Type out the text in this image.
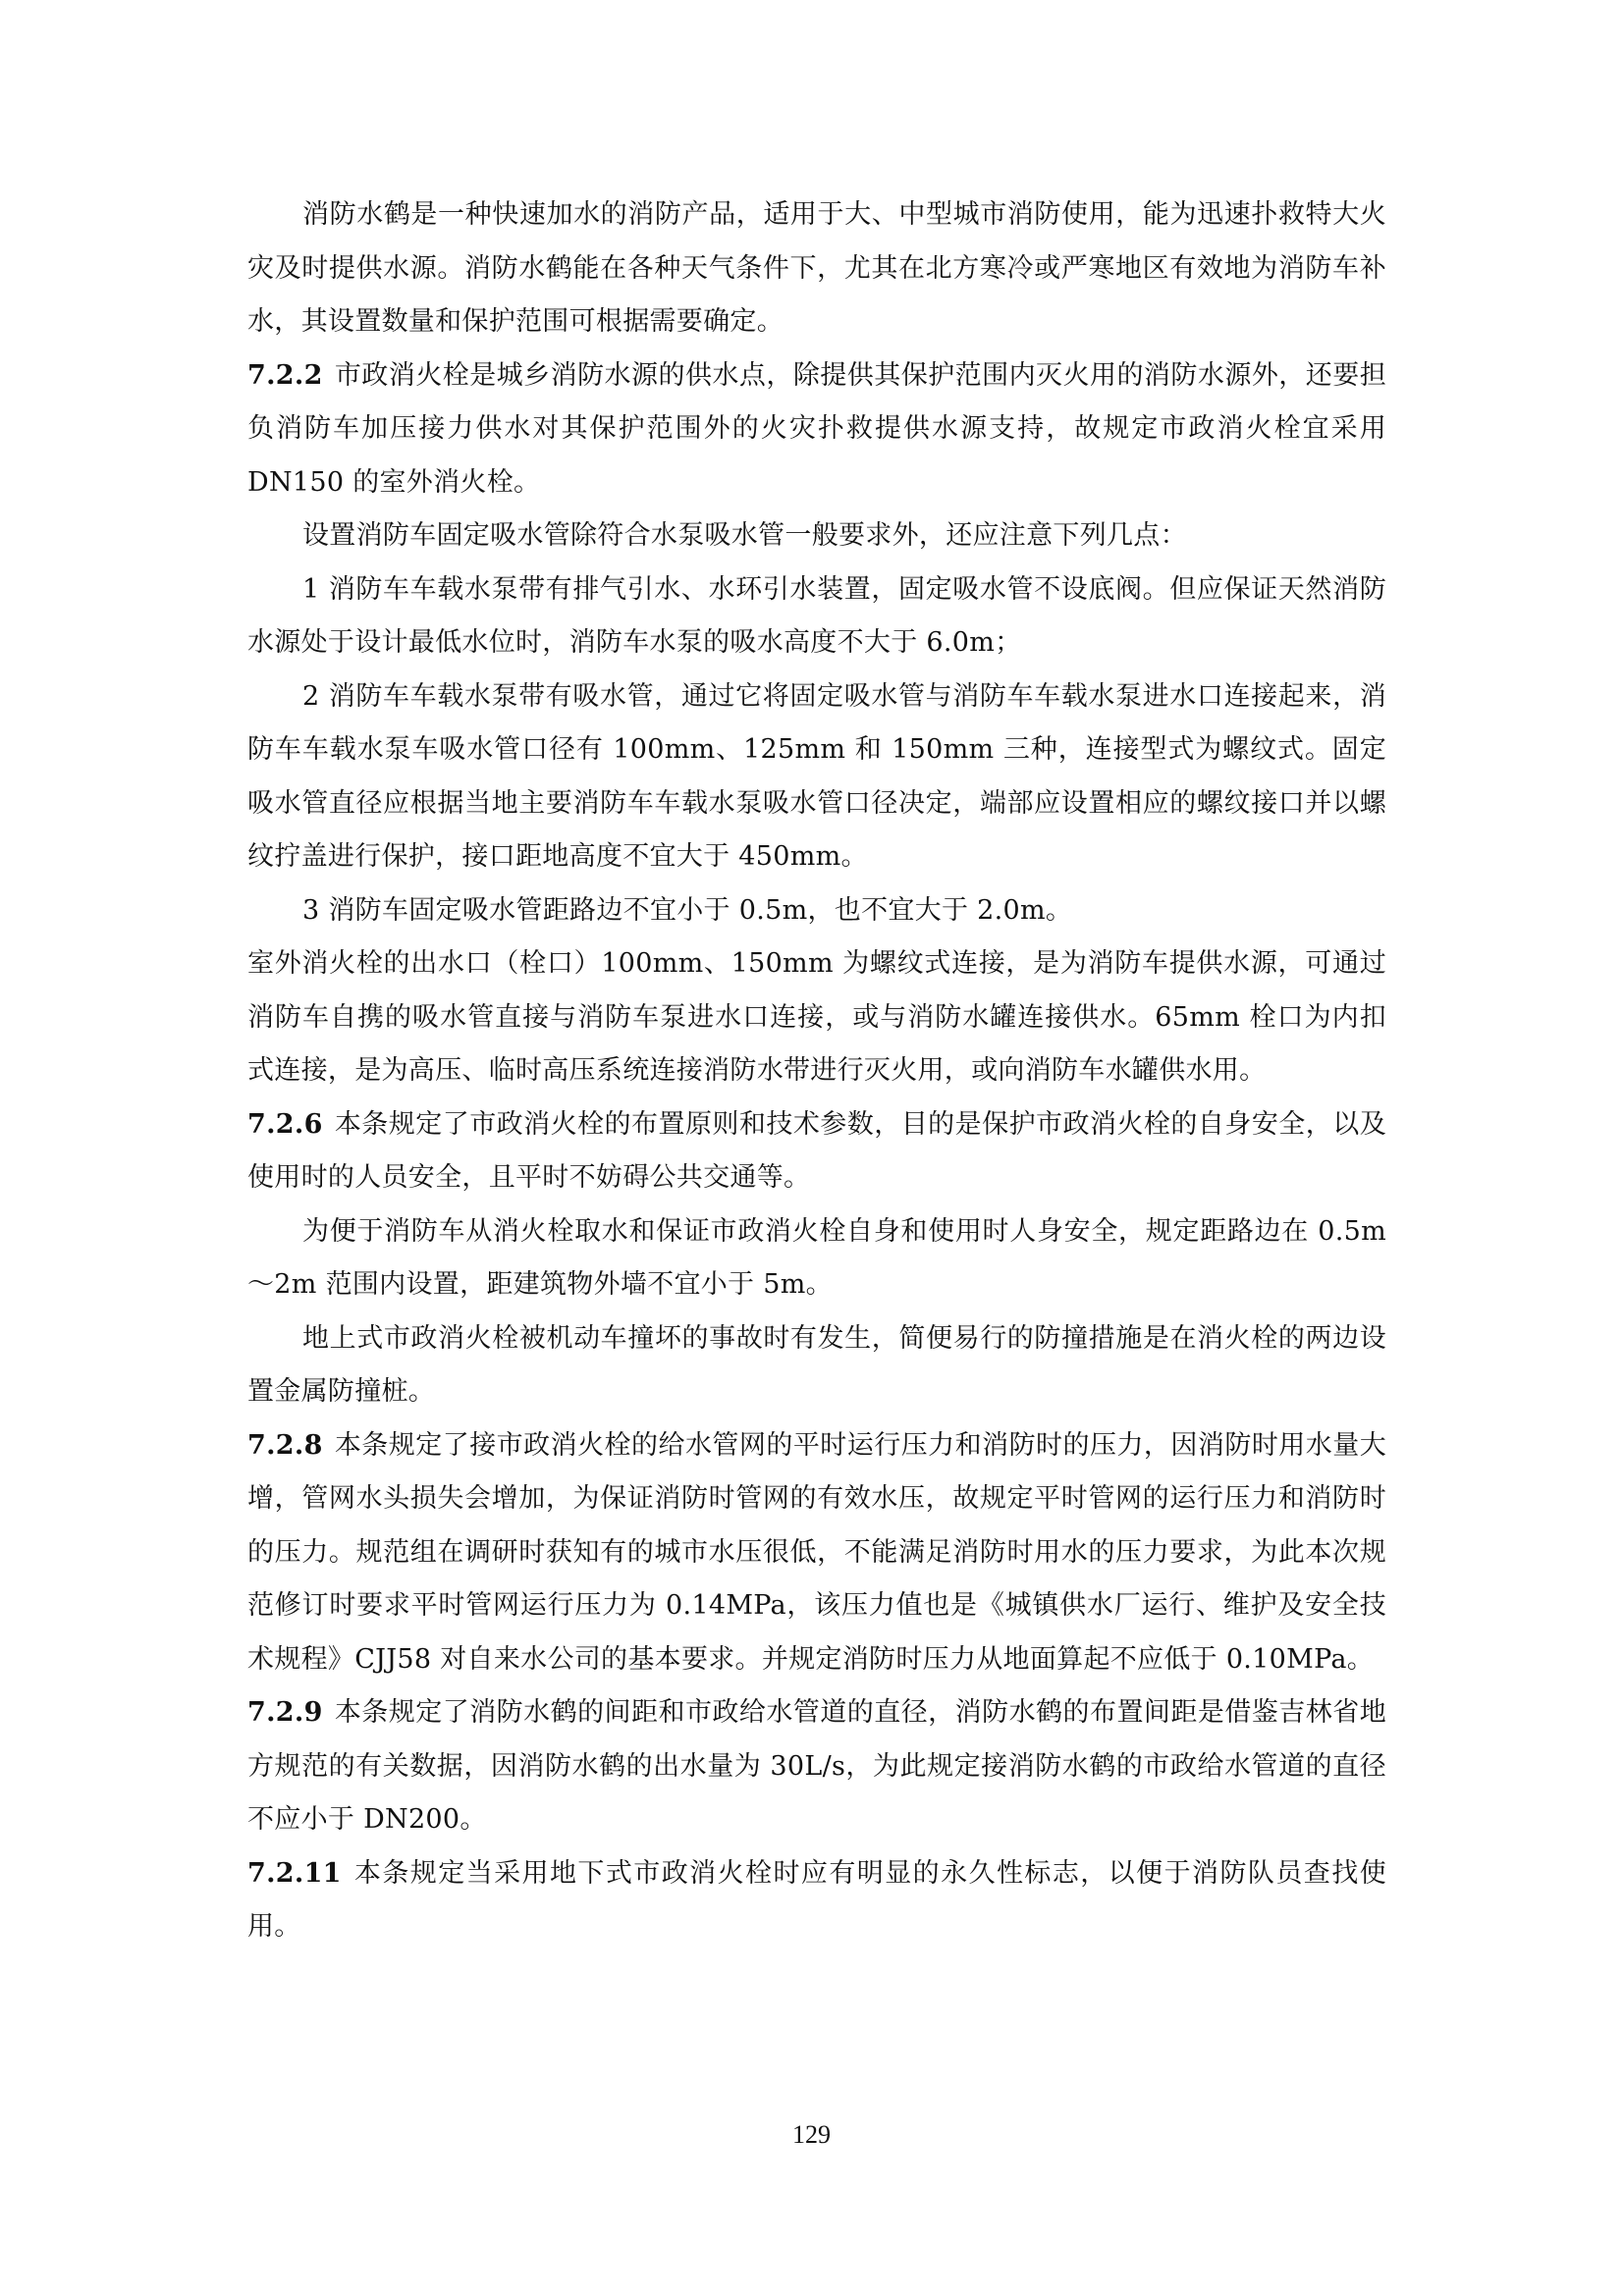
消防水鹤是一种快速加水的消防产品，适用于大、中型城市消防使用，能为迅速扑救特大火灾及时提供水源。消防水鹤能在各种天气条件下，尤其在北方寒冷或严寒地区有效地为消防车补水，其设置数量和保护范围可根据需要确定。

7.2.2 市政消火栓是城乡消防水源的供水点，除提供其保护范围内灭火用的消防水源外，还要担负消防车加压接力供水对其保护范围外的火灾扑救提供水源支持，故规定市政消火栓宜采用 DN150 的室外消火栓。

设置消防车固定吸水管除符合水泵吸水管一般要求外，还应注意下列几点：

1 消防车车载水泵带有排气引水、水环引水装置，固定吸水管不设底阀。但应保证天然消防水源处于设计最低水位时，消防车水泵的吸水高度不大于 6.0m；

2 消防车车载水泵带有吸水管，通过它将固定吸水管与消防车车载水泵进水口连接起来，消防车车载水泵车吸水管口径有 100mm、125mm 和 150mm 三种，连接型式为螺纹式。固定吸水管直径应根据当地主要消防车车载水泵吸水管口径决定，端部应设置相应的螺纹接口并以螺纹拧盖进行保护，接口距地高度不宜大于 450mm。

3 消防车固定吸水管距路边不宜小于 0.5m，也不宜大于 2.0m。

室外消火栓的出水口（栓口）100mm、150mm 为螺纹式连接，是为消防车提供水源，可通过消防车自携的吸水管直接与消防车泵进水口连接，或与消防水罐连接供水。65mm 栓口为内扣式连接，是为高压、临时高压系统连接消防水带进行灭火用，或向消防车水罐供水用。

7.2.6 本条规定了市政消火栓的布置原则和技术参数，目的是保护市政消火栓的自身安全，以及使用时的人员安全，且平时不妨碍公共交通等。

为便于消防车从消火栓取水和保证市政消火栓自身和使用时人身安全，规定距路边在 0.5m～2m 范围内设置，距建筑物外墙不宜小于 5m。

地上式市政消火栓被机动车撞坏的事故时有发生，简便易行的防撞措施是在消火栓的两边设置金属防撞桩。

7.2.8 本条规定了接市政消火栓的给水管网的平时运行压力和消防时的压力，因消防时用水量大增，管网水头损失会增加，为保证消防时管网的有效水压，故规定平时管网的运行压力和消防时的压力。规范组在调研时获知有的城市水压很低，不能满足消防时用水的压力要求，为此本次规范修订时要求平时管网运行压力为 0.14MPa，该压力值也是《城镇供水厂运行、维护及安全技术规程》CJJ58 对自来水公司的基本要求。并规定消防时压力从地面算起不应低于 0.10MPa。

7.2.9 本条规定了消防水鹤的间距和市政给水管道的直径，消防水鹤的布置间距是借鉴吉林省地方规范的有关数据，因消防水鹤的出水量为 30L/s，为此规定接消防水鹤的市政给水管道的直径不应小于 DN200。

7.2.11 本条规定当采用地下式市政消火栓时应有明显的永久性标志，以便于消防队员查找使用。

129
